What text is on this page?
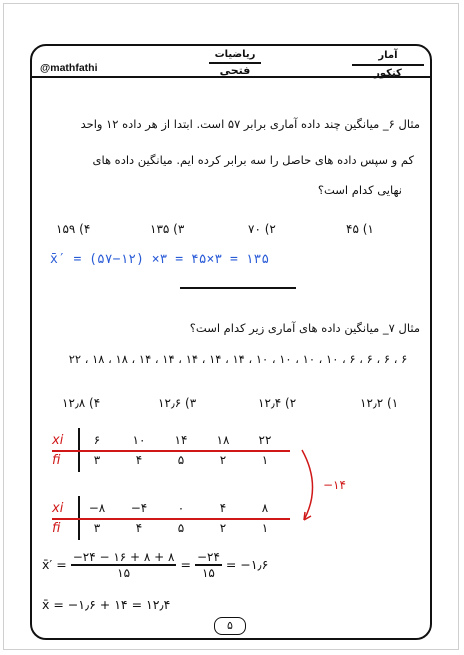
@mathfathi
ریاضیات
فتحی
آمار
کنکور
مثال ۶_ میانگین چند داده آماری برابر ۵۷ است. ابتدا از هر داده ۱۲ واحد
کم و سپس داده های حاصل را سه برابر کرده ایم. میانگین داده های
نهایی کدام است؟
۱) ۴۵
۲) ۷۰
۳) ۱۳۵
۴) ۱۵۹
x̄′ = (۵۷−۱۲) ×۳ = ۴۵×۳ = ۱۳۵
مثال ۷_ میانگین داده های آماری زیر کدام است؟
۶ ، ۶ ، ۶ ، ۶ ، ۱۰ ، ۱۰ ، ۱۰ ، ۱۰ ، ۱۴ ، ۱۴ ، ۱۴ ، ۱۴ ، ۱۴ ، ۱۸ ، ۱۸ ، ۲۲
۱) ۱۲٫۲
۲) ۱۲٫۴
۳) ۱۲٫۶
۴) ۱۲٫۸
xi	۶	۱۰	۱۴	۱۸	۲۲
fi	۳	۴	۵	۲	۱
−۱۴
xi	−۸	−۴	۰	۴	۸
fi	۳	۴	۵	۲	۱
x̄′ = $\frac{-۲۴ - ۱۶ + ۸ + ۸}{۱۵} = \frac{-۲۴}{۱۵}$ = −۱٫۶
x̄ = −۱٫۶ + ۱۴ = ۱۲٫۴
۵
